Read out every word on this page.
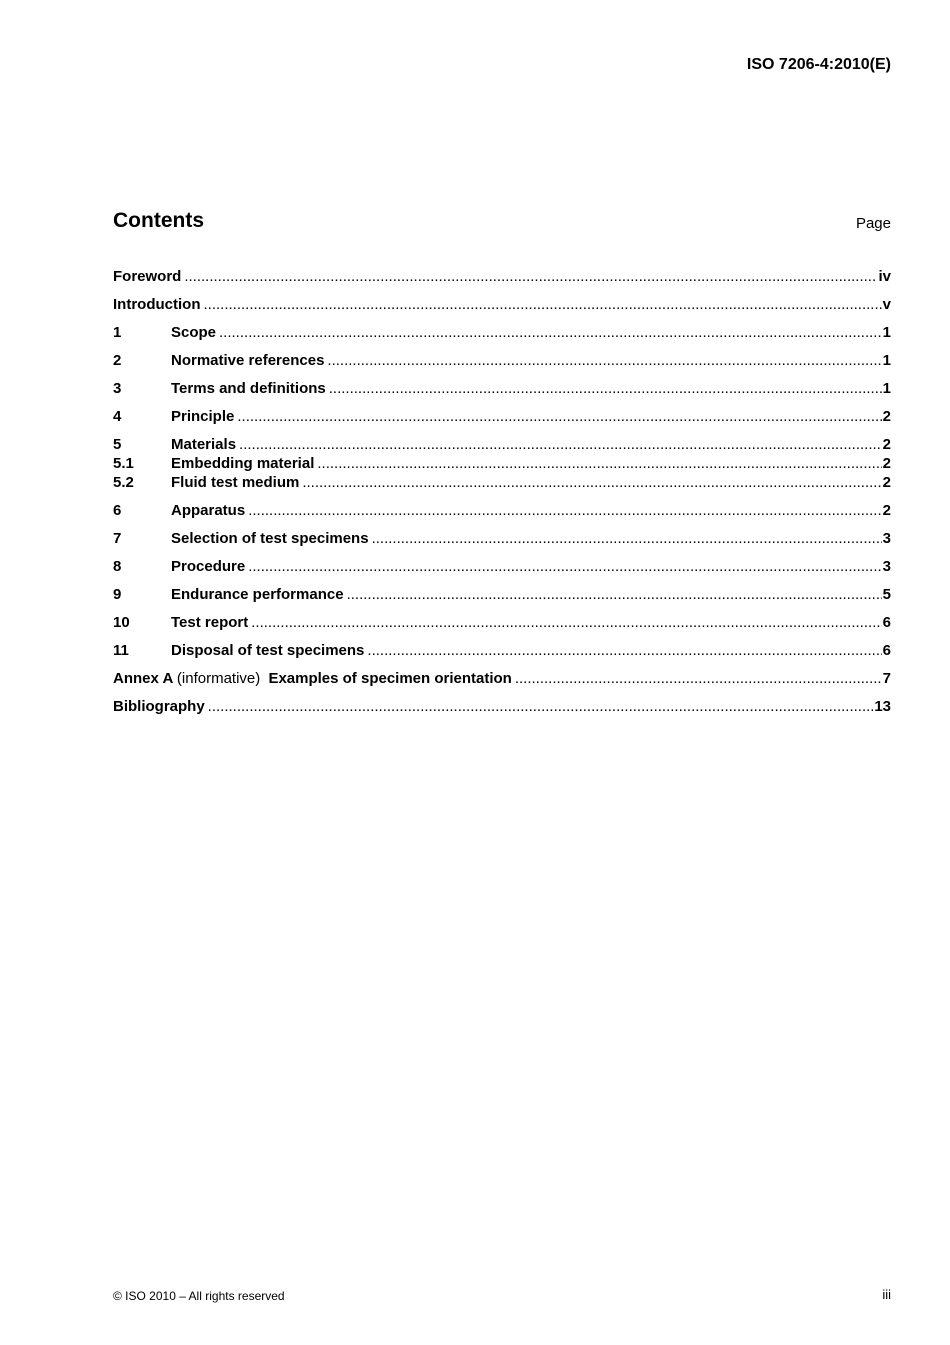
ISO 7206-4:2010(E)
Contents	Page
Foreword .....	iv
Introduction .....	v
1	Scope .....	1
2	Normative references .....	1
3	Terms and definitions .....	1
4	Principle .....	2
5	Materials .....	2
5.1	Embedding material .....	2
5.2	Fluid test medium .....	2
6	Apparatus .....	2
7	Selection of test specimens .....	3
8	Procedure .....	3
9	Endurance performance .....	5
10	Test report .....	6
11	Disposal of test specimens .....	6
Annex A (informative) Examples of specimen orientation .....	7
Bibliography .....	13
© ISO 2010 – All rights reserved	iii
